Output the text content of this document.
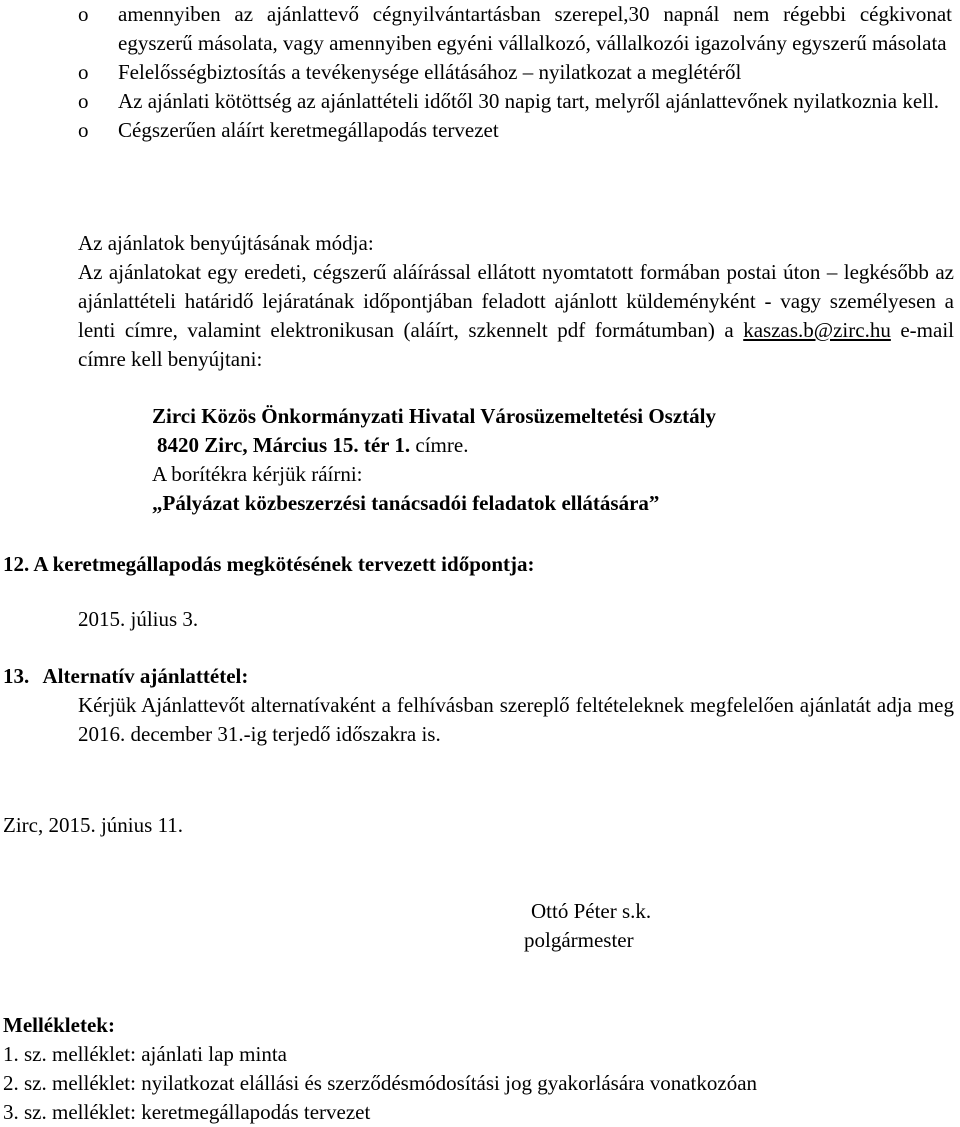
o amennyiben az ajánlattevő cégnyilvántartásban szerepel,30 napnál nem régebbi cégkivonat egyszerű másolata, vagy amennyiben egyéni vállalkozó, vállalkozói igazolvány egyszerű másolata
o Felelősségbiztosítás a tevékenysége ellátásához – nyilatkozat a meglétéről
o Az ajánlati kötöttség az ajánlattételi időtől 30 napig tart, melyről ajánlattevőnek nyilatkoznia kell.
o Cégszerűen aláírt keretmegállapodás tervezet
Az ajánlatok benyújtásának módja:
Az ajánlatokat egy eredeti, cégszerű aláírással ellátott nyomtatott formában postai úton – legkésőbb az ajánlattételi határidő lejáratának időpontjában feladott ajánlott küldeményként - vagy személyesen a lenti címre, valamint elektronikusan (aláírt, szkennelt pdf formátumban) a kaszas.b@zirc.hu e-mail címre kell benyújtani:
Zirci Közös Önkormányzati Hivatal Városüzemeltetési Osztály
8420 Zirc, Március 15. tér 1. címre.
A borítékra kérjük ráírni:
„Pályázat közbeszerzési tanácsadói feladatok ellátására”
12. A keretmegállapodás megkötésének tervezett időpontja:
2015. július 3.
13. Alternatív ajánlattétel:
Kérjük Ajánlattevőt alternatívaként a felhívásban szereplő feltételeknek megfelelően ajánlatát adja meg 2016. december 31.-ig terjedő időszakra is.
Zirc, 2015. június 11.
Ottó Péter s.k.
polgármester
Mellékletek:
1. sz. melléklet: ajánlati lap minta
2. sz. melléklet: nyilatkozat elállási és szerződésmódosítási jog gyakorlására vonatkozóan
3. sz. melléklet: keretmegállapodás tervezet
